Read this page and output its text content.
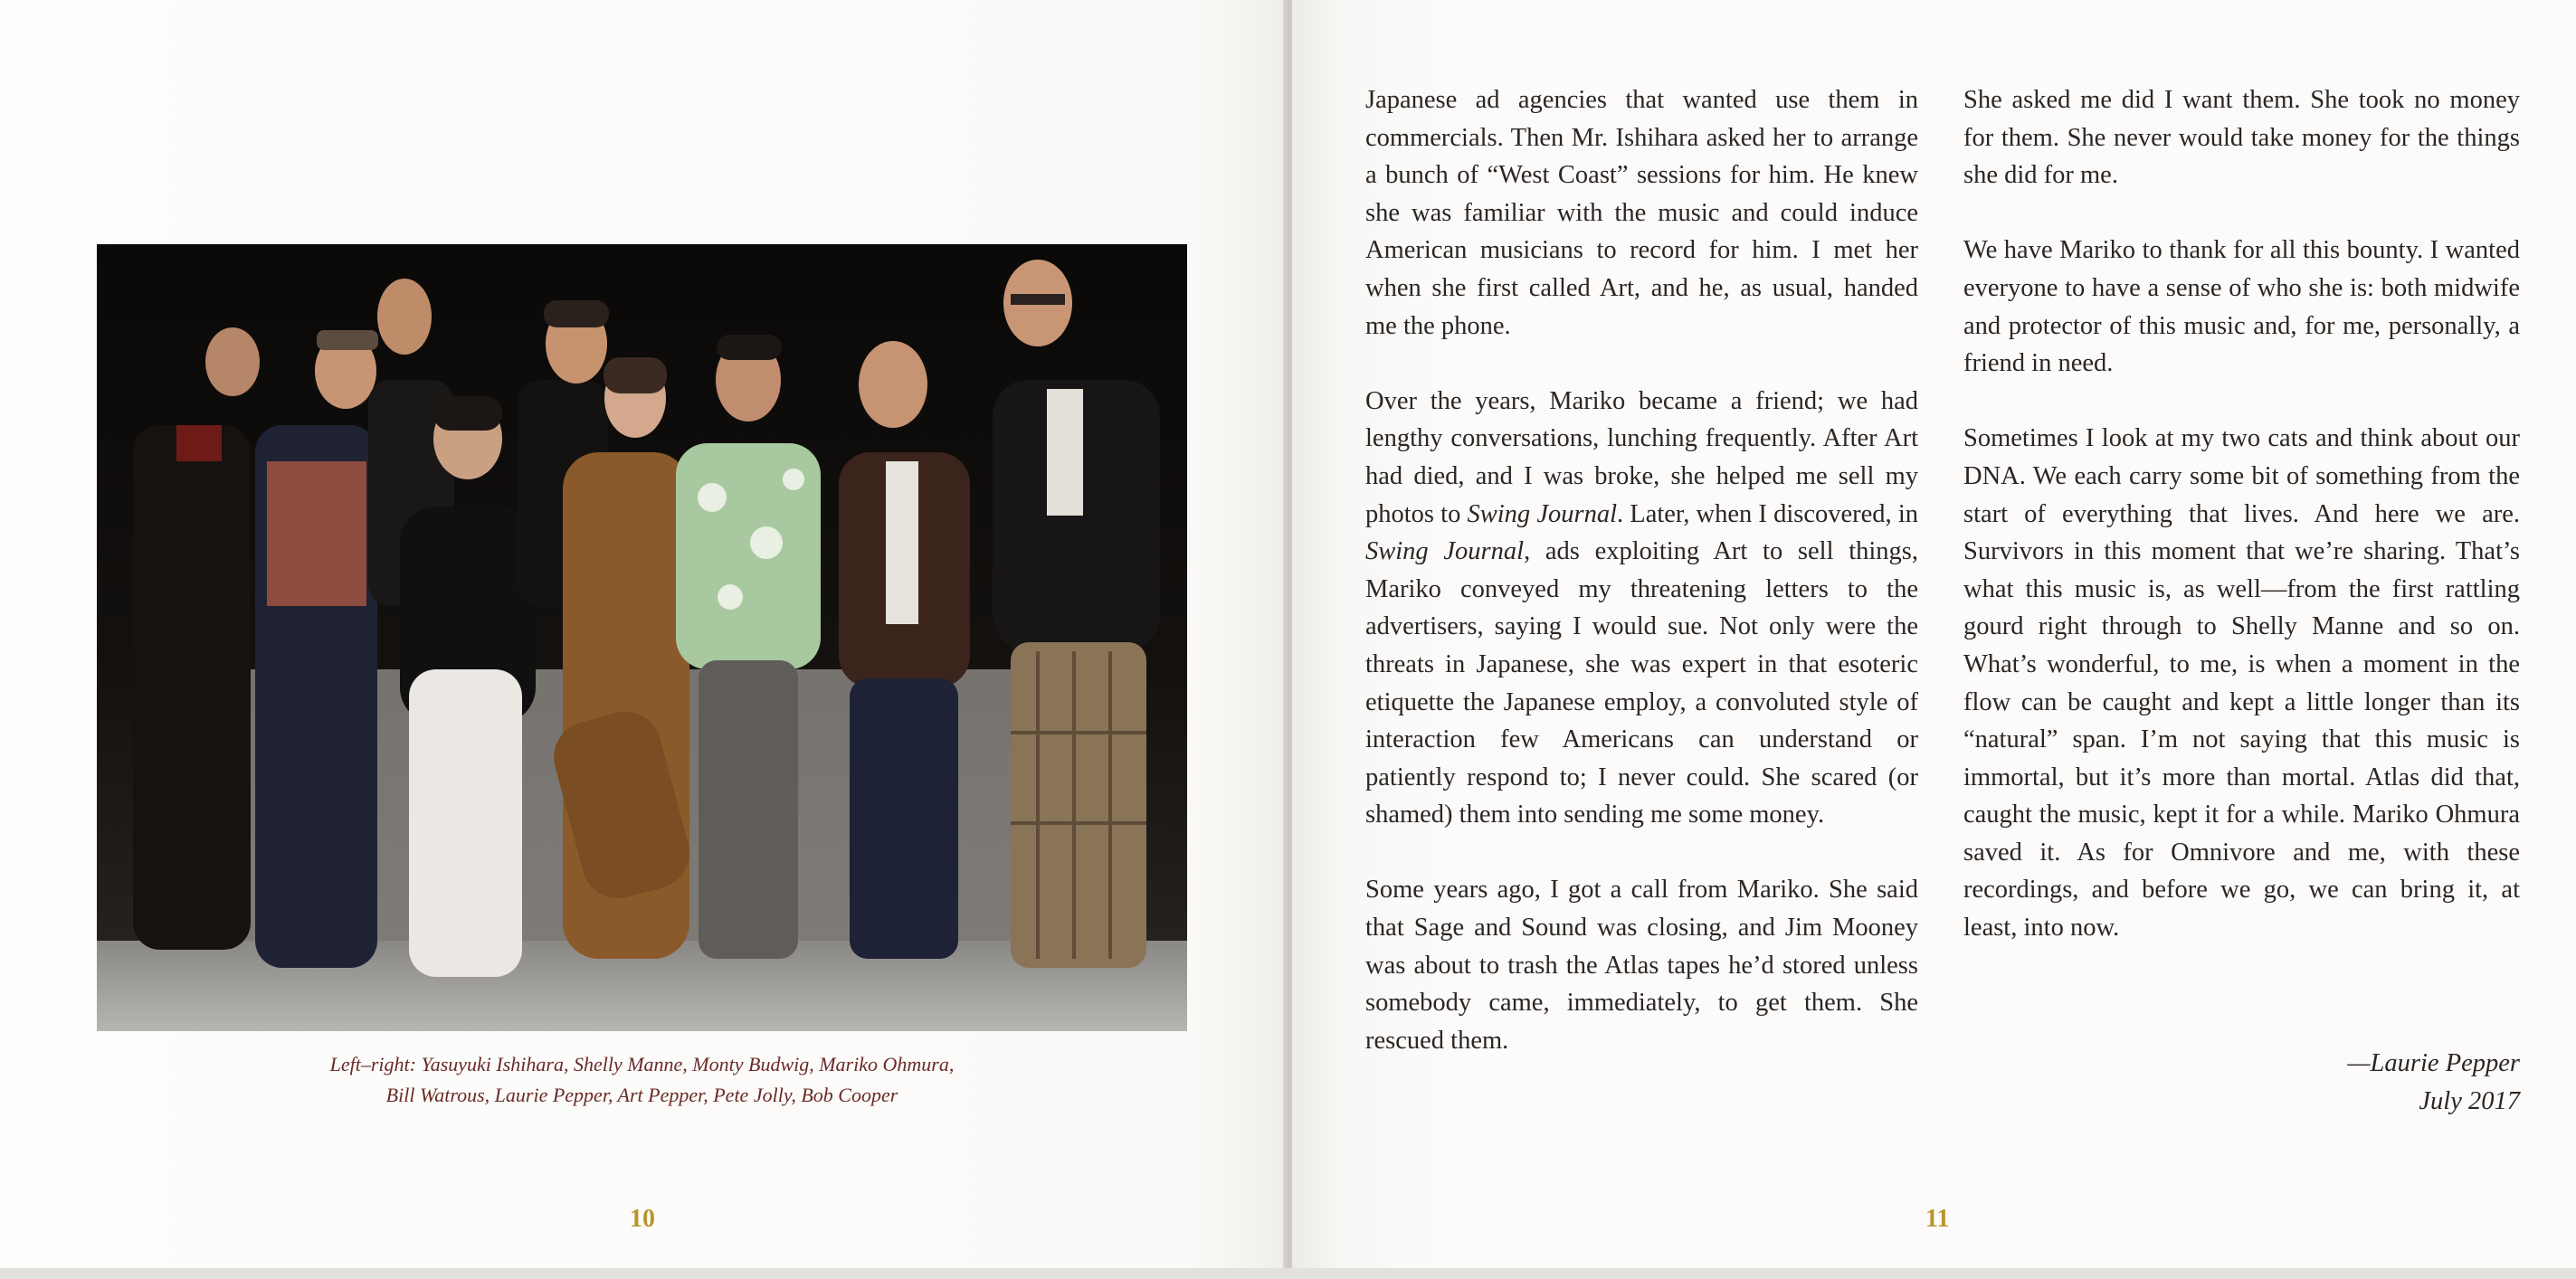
Left–right: Yasuyuki Ishihara, Shelly Manne, Monty Budwig, Mariko Ohmura,
Bill Watrous, Laurie Pepper, Art Pepper, Pete Jolly, Bob Cooper
10	11

Japanese ad agencies that wanted use them in commercials. Then Mr. Ishihara asked her to arrange a bunch of “West Coast” sessions for him. He knew she was familiar with the music and could induce American musicians to record for him. I met her when she first called Art, and he, as usual, handed me the phone.

Over the years, Mariko became a friend; we had lengthy conversations, lunching frequently. After Art had died, and I was broke, she helped me sell my photos to Swing Journal. Later, when I discovered, in Swing Journal, ads exploiting Art to sell things, Mariko conveyed my threatening letters to the advertisers, saying I would sue. Not only were the threats in Japanese, she was expert in that esoteric etiquette the Japanese employ, a convoluted style of interaction few Americans can understand or patiently respond to; I never could. She scared (or shamed) them into sending me some money.

Some years ago, I got a call from Mariko. She said that Sage and Sound was closing, and Jim Mooney was about to trash the Atlas tapes he’d stored unless somebody came, immediately, to get them. She rescued them.

She asked me did I want them. She took no money for them. She never would take money for the things she did for me.

We have Mariko to thank for all this bounty. I wanted everyone to have a sense of who she is: both midwife and protector of this music and, for me, personally, a friend in need.

Sometimes I look at my two cats and think about our DNA. We each carry some bit of something from the start of everything that lives. And here we are. Survivors in this moment that we’re sharing. That’s what this music is, as well—from the first rattling gourd right through to Shelly Manne and so on. What’s wonderful, to me, is when a moment in the flow can be caught and kept a little longer than its “natural” span. I’m not saying that this music is immortal, but it’s more than mortal. Atlas did that, caught the music, kept it for a while. Mariko Ohmura saved it. As for Omnivore and me, with these recordings, and before we go, we can bring it, at least, into now.

—Laurie Pepper
July 2017
